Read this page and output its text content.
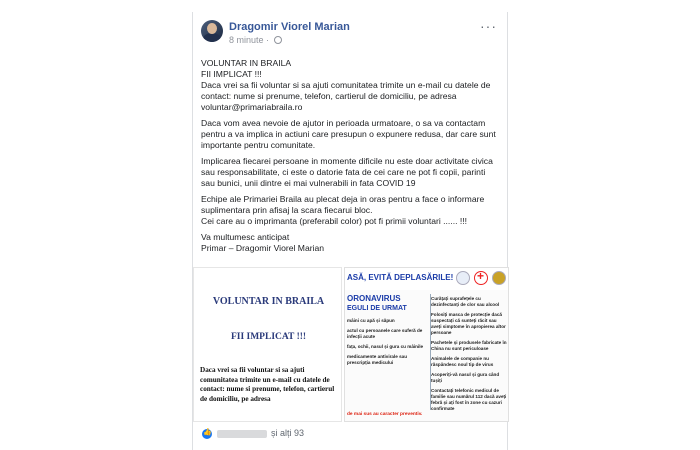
Dragomir Viorel Marian
8 minute ·
···

VOLUNTAR IN BRAILA

FII IMPLICAT !!!

Daca vrei sa fii voluntar si sa ajuti comunitatea trimite un e-mail cu datele de contact: nume si prenume, telefon, cartierul de domiciliu, pe adresa voluntar@primariabraila.ro

Daca vom avea nevoie de ajutor in perioada urmatoare, o sa va contactam pentru a va implica in actiuni care presupun o expunere redusa, dar care sunt importante pentru comunitate.

Implicarea fiecarei persoane in momente dificile nu este doar activitate civica sau responsabilitate, ci este o datorie fata de cei care ne pot fi copii, parinti sau bunici, unii dintre ei mai vulnerabili in fata COVID 19

Echipe ale Primariei Braila au plecat deja in oras pentru a face o informare suplimentara prin afisaj la scara fiecarui bloc.

Cei care au o imprimanta (preferabil color) pot fi primii voluntari ...... !!!

Va multumesc anticipat

Primar – Dragomir Viorel Marian

VOLUNTAR IN BRAILA
FII IMPLICAT !!!
Daca vrei sa fii voluntar si sa ajuti comunitatea trimite un e-mail cu datele de contact: nume si prenume, telefon, cartierul de domiciliu, pe adresa
ASĂ, EVITĂ DEPLASĂRILE!
+
ORONAVIRUS
EGULI DE URMAT
mâini cu apă și săpun
actul cu persoanele care suferă de infecții acute
fața, ochii, nasul și gura cu mâinile
medicamente antivirale sau prescripția medicului
Curățați suprafețele cu dezinfectanți de clor sau alcool
Folosiți masca de protecție dacă suspectați că sunteți răcit sau aveți simptome în apropierea altor persoane
Pachetele și produsele fabricate în China nu sunt periculoase
Animalele de companie nu răspândesc noul tip de virus
Acoperiți-vă nasul și gura când tușiți
Contactați telefonic medicul de familie sau numărul 112 dacă aveți febră și ați fost în zone cu cazuri confirmate
de mai sus au caracter preventiv.
👍
și alți 93
